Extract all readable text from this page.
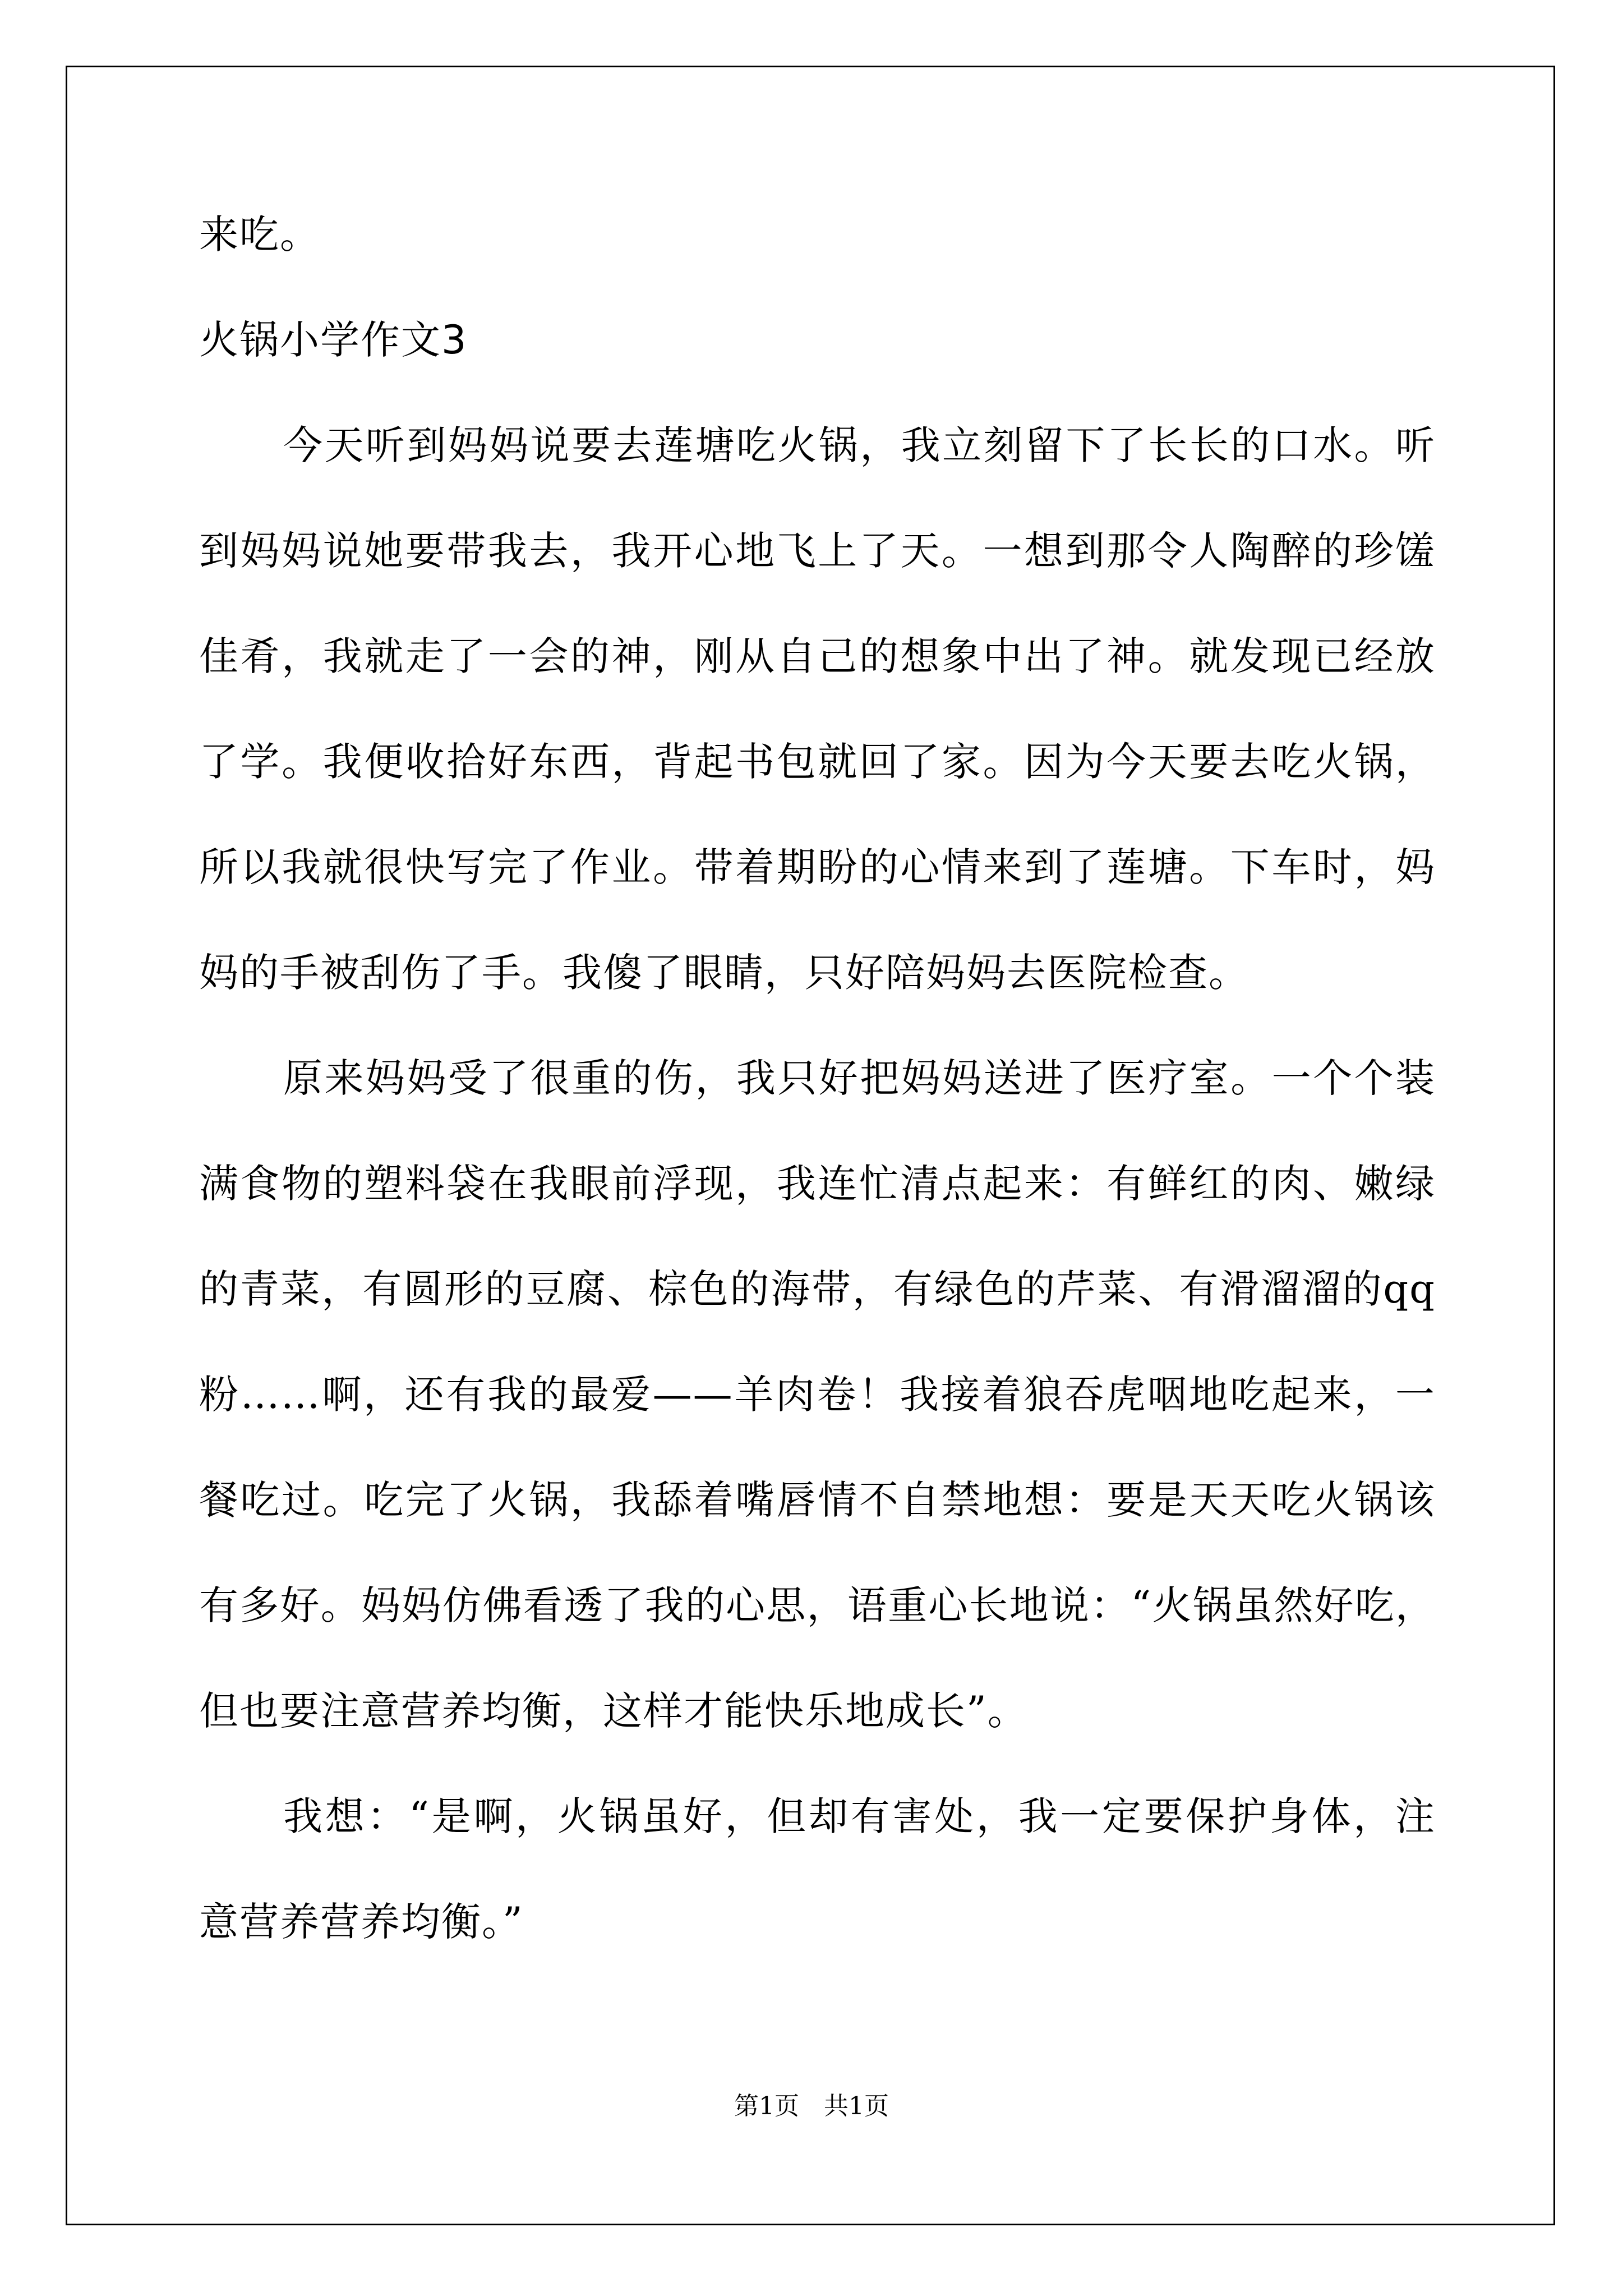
来吃。
火锅小学作文3
今天听到妈妈说要去莲塘吃火锅，我立刻留下了长长的口水。听
到妈妈说她要带我去，我开心地飞上了天。一想到那令人陶醉的珍馐
佳肴，我就走了一会的神，刚从自己的想象中出了神。就发现已经放
了学。我便收拾好东西，背起书包就回了家。因为今天要去吃火锅，
所以我就很快写完了作业。带着期盼的心情来到了莲塘。下车时，妈
妈的手被刮伤了手。我傻了眼睛，只好陪妈妈去医院检查。
原来妈妈受了很重的伤，我只好把妈妈送进了医疗室。一个个装
满食物的塑料袋在我眼前浮现，我连忙清点起来：有鲜红的肉、嫩绿
的青菜，有圆形的豆腐、棕色的海带，有绿色的芹菜、有滑溜溜的qq
粉……啊，还有我的最爱——羊肉卷！我接着狼吞虎咽地吃起来，一
餐吃过。吃完了火锅，我舔着嘴唇情不自禁地想：要是天天吃火锅该
有多好。妈妈仿佛看透了我的心思，语重心长地说：“火锅虽然好吃，
但也要注意营养均衡，这样才能快乐地成长”。
我想：“是啊，火锅虽好，但却有害处，我一定要保护身体，注
意营养营养均衡。”
第1页　共1页
